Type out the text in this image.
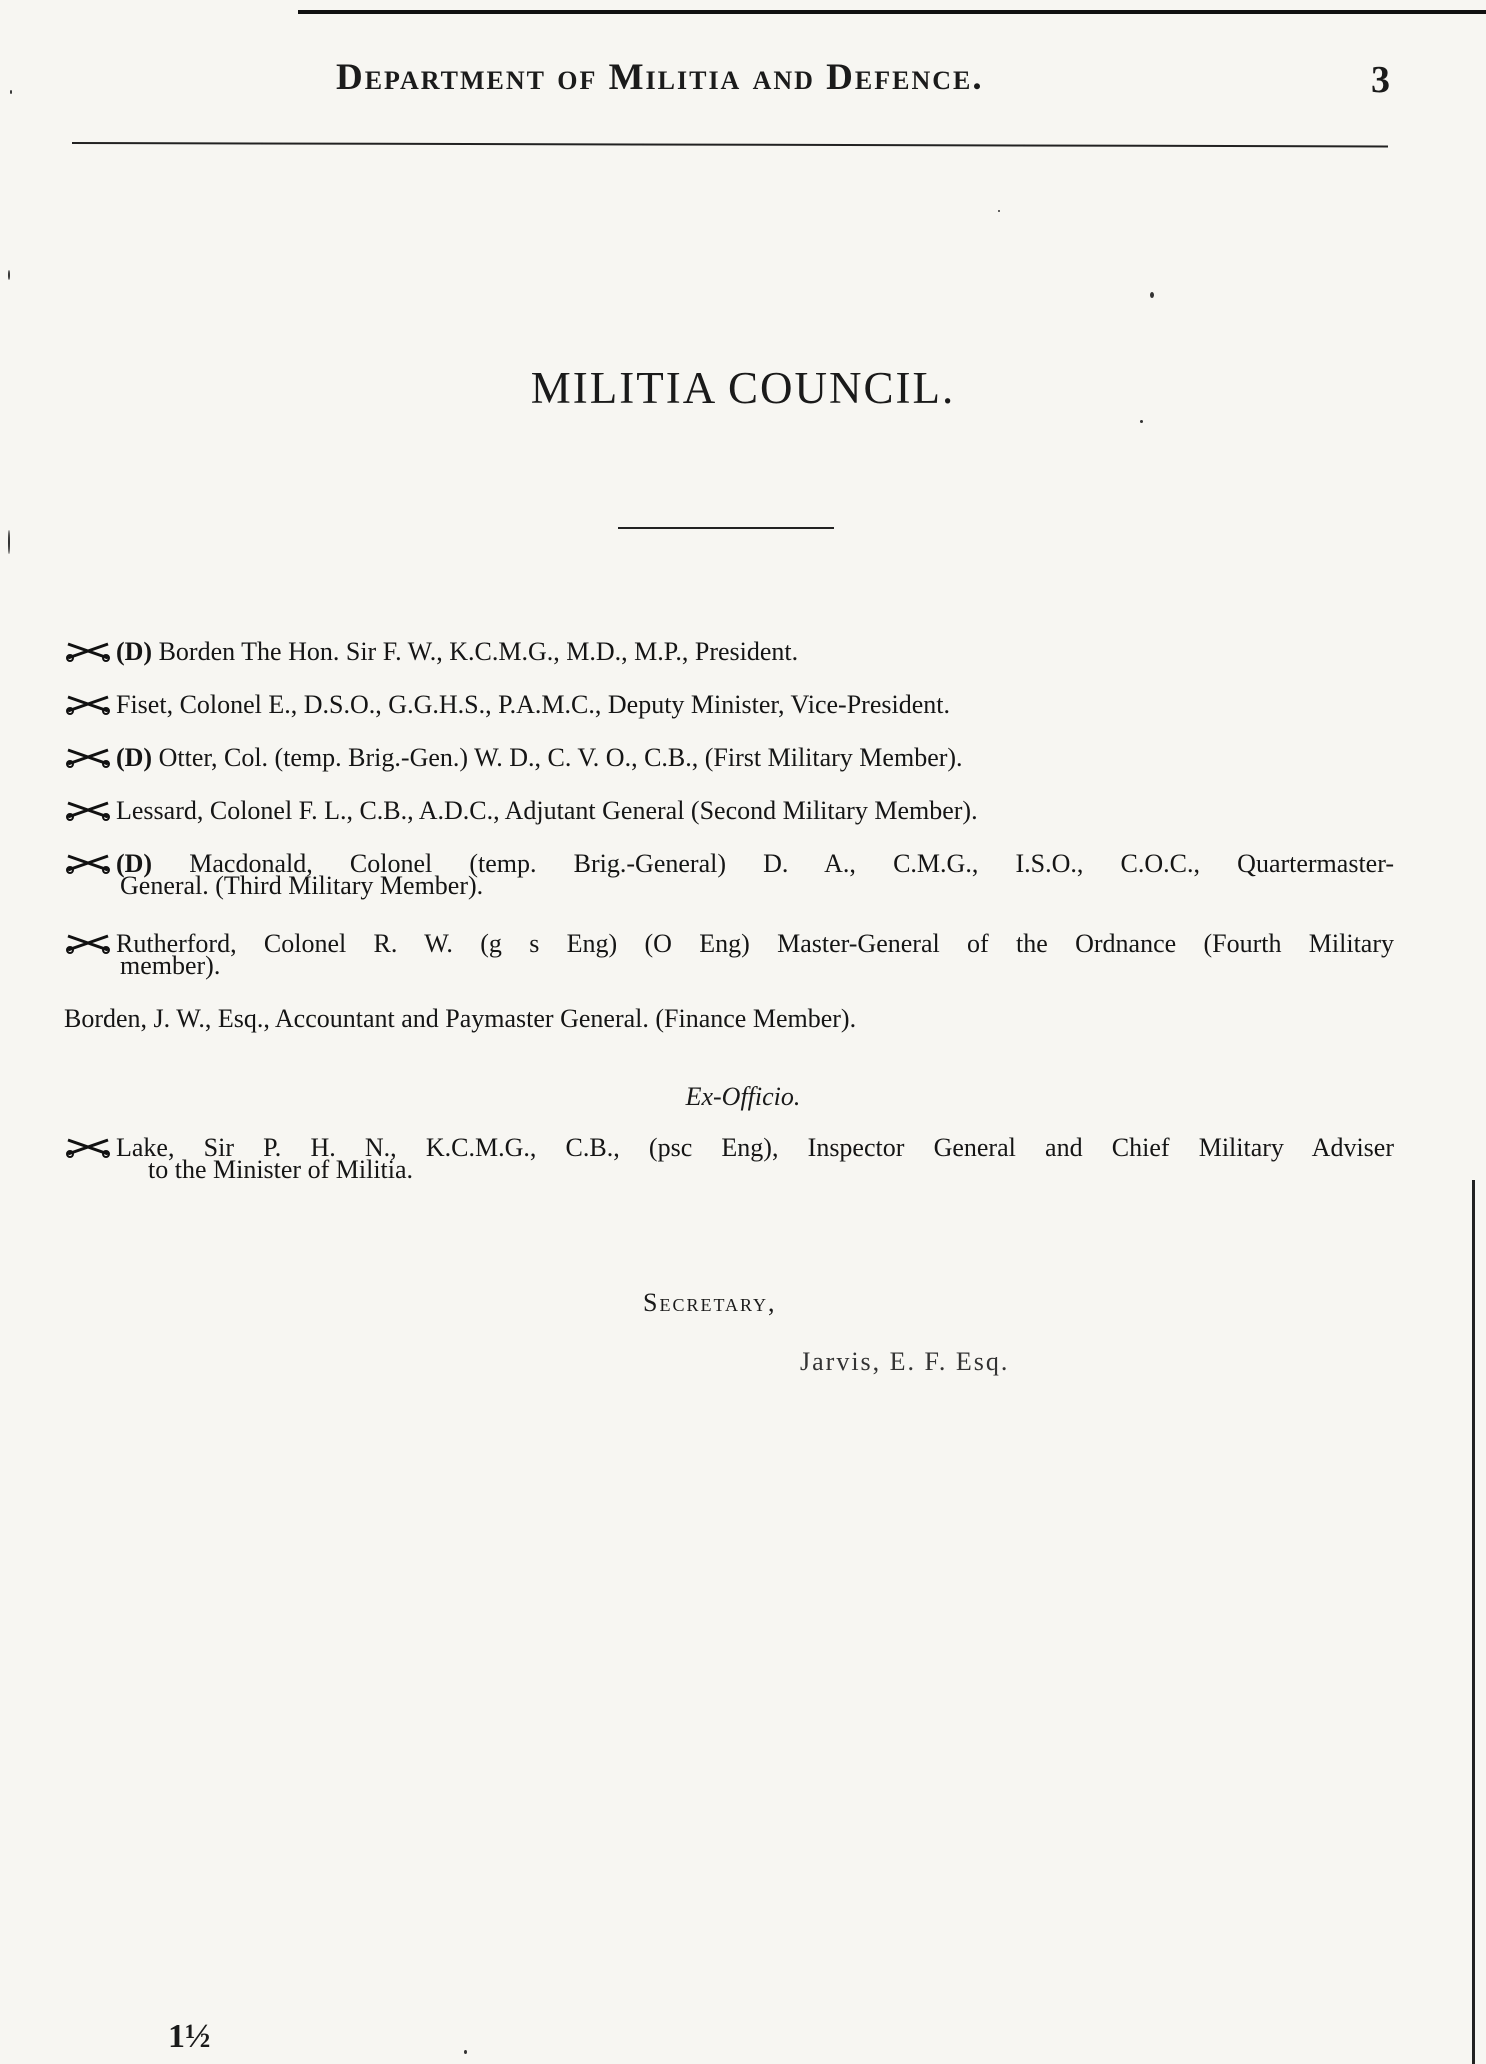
Department of Militia and Defence.	3
MILITIA COUNCIL.
(D) Borden The Hon. Sir F. W., K.C.M.G., M.D., M.P., President.
Fiset, Colonel E., D.S.O., G.G.H.S., P.A.M.C., Deputy Minister, Vice-President.
(D) Otter, Col. (temp. Brig.-Gen.) W. D., C. V. O., C.B., (First Military Member).
Lessard, Colonel F. L., C.B., A.D.C., Adjutant General (Second Military Member).
(D) Macdonald, Colonel (temp. Brig.-General) D. A., C.M.G., I.S.O., C.O.C., Quartermaster-
General. (Third Military Member).
Rutherford, Colonel R. W. (g s Eng) (O Eng) Master-General of the Ordnance (Fourth Military
member).
Borden, J. W., Esq., Accountant and Paymaster General. (Finance Member).
Ex-Officio.
Lake, Sir P. H. N., K.C.M.G., C.B., (psc Eng), Inspector General and Chief Military Adviser
to the Minister of Militia.
Secretary,
Jarvis, E. F. Esq.
1½
